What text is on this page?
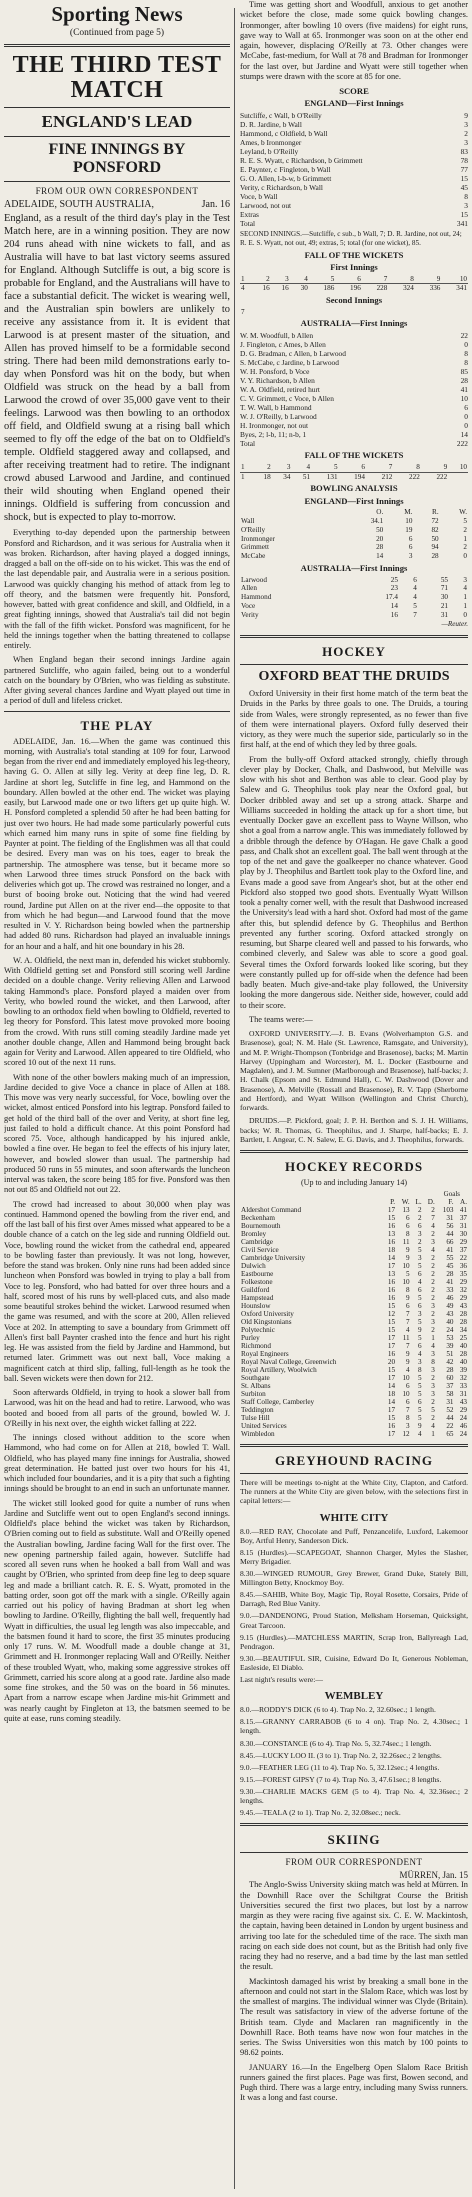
Sporting News
(Continued from page 5)
THE THIRD TEST MATCH
ENGLAND'S LEAD
FINE INNINGS BY PONSFORD
FROM OUR OWN CORRESPONDENT
ADELAIDE, SOUTH AUSTRALIA,	Jan. 16

England, as a result of the third day's play in the Test Match here, are in a winning position. They are now 204 runs ahead with nine wickets to fall, and as Australia will have to bat last victory seems assured for England. Although Sutcliffe is out, a big score is probable for England, and the Australians will have to face a substantial deficit. The wicket is wearing well, and the Australian spin bowlers are unlikely to receive any assistance from it. It is evident that Larwood is at present master of the situation, and Allen has proved himself to be a formidable second string. There had been mild demonstrations early to-day when Ponsford was hit on the body, but when Oldfield was struck on the head by a ball from Larwood the crowd of over 35,000 gave vent to their feelings. Larwood was then bowling to an orthodox off field, and Oldfield swung at a rising ball which seemed to fly off the edge of the bat on to Oldfield's temple. Oldfield staggered away and collapsed, and after receiving treatment had to retire. The indignant crowd abused Larwood and Jardine, and continued their wild shouting when England opened their innings. Oldfield is suffering from concussion and shock, but is expected to play to-morrow.

Everything to-day depended upon the partnership between Ponsford and Richardson, and it was serious for Australia when it was broken. Richardson, after having played a dogged innings, dragged a ball on the off-side on to his wicket. This was the end of the last dependable pair, and Australia were in a serious position. Larwood was quickly changing his method of attack from leg to off theory, and the batsmen were frequently hit. Ponsford, however, batted with great confidence and skill, and Oldfield, in a great fighting innings, showed that Australia's tail did not begin with the fall of the fifth wicket. Ponsford was magnificent, for he held the innings together when the batting threatened to collapse entirely.

When England began their second innings Jardine again partnered Sutcliffe, who again failed, being out to a wonderful catch on the boundary by O'Brien, who was fielding as substitute. After giving several chances Jardine and Wyatt played out time in a period of dull and lifeless cricket.

THE PLAY

ADELAIDE, Jan. 16.—When the game was continued this morning, with Australia's total standing at 109 for four, Larwood began from the river end and immediately employed his leg-theory, having G. O. Allen at silly leg. Verity at deep fine leg, D. R. Jardine at short leg, Sutcliffe in fine leg, and Hammond on the boundary. Allen bowled at the other end. The wicket was playing easily, but Larwood made one or two lifters get up quite high. W. H. Ponsford completed a splendid 50 after he had been batting for just over two hours. He had made some particularly powerful cuts which earned him many runs in spite of some fine fielding by Paynter at point. The fielding of the Englishmen was all that could be desired. Every man was on his toes, eager to break the partnership. The atmosphere was tense, but it became more so when Larwood three times struck Ponsford on the back with deliveries which got up. The crowd was restrained no longer, and a burst of booing broke out. Noticing that the wind had veered round, Jardine put Allen on at the river end—the opposite to that from which he had begun—and Larwood found that the move resulted in V. Y. Richardson being bowled when the partnership had added 80 runs. Richardson had played an invaluable innings for an hour and a half, and hit one boundary in his 28.

W. A. Oldfield, the next man in, defended his wicket stubbornly. With Oldfield getting set and Ponsford still scoring well Jardine decided on a double change. Verity relieving Allen and Larwood taking Hammond's place. Ponsford played a maiden over from Verity, who bowled round the wicket, and then Larwood, after bowling to an orthodox field when bowling to Oldfield, reverted to leg theory for Ponsford. This latest move provoked more booing from the crowd. With runs still coming steadily Jardine made yet another double change, Allen and Hammond being brought back again for Verity and Larwood. Allen appeared to tire Oldfield, who scored 10 out of the next 11 runs.

With none of the other bowlers making much of an impression, Jardine decided to give Voce a chance in place of Allen at 188. This move was very nearly successful, for Voce, bowling over the wicket, almost enticed Ponsford into his legtrap. Ponsford failed to get hold of the third ball of the over and Verity, at short fine leg, just failed to hold a difficult chance. At this point Ponsford had scored 75. Voce, although handicapped by his injured ankle, bowled a fine over. He began to feel the effects of his injury later, however, and bowled slower than usual. The partnership had produced 50 runs in 55 minutes, and soon afterwards the luncheon interval was taken, the score being 185 for five. Ponsford was then not out 85 and Oldfield not out 22.

The crowd had increased to about 30,000 when play was continued. Hammond opened the bowling from the river end, and off the last ball of his first over Ames missed what appeared to be a double chance of a catch on the leg side and running Oldfield out. Voce, bowling round the wicket from the cathedral end, appeared to be bowling faster than previously. It was not long, however, before the stand was broken. Only nine runs had been added since luncheon when Ponsford was bowled in trying to play a ball from Voce to leg. Ponsford, who had batted for over three hours and a half, scored most of his runs by well-placed cuts, and also made some beautiful strokes behind the wicket. Larwood resumed when the game was resumed, and with the score at 200, Allen relieved Voce at 202. In attempting to save a boundary from Grimmett off Allen's first ball Paynter crashed into the fence and hurt his right leg. He was assisted from the field by Jardine and Hammond, but returned later. Grimmett was out next ball, Voce making a magnificent catch at third slip, falling, full-length as he took the ball. Seven wickets were then down for 212.

Soon afterwards Oldfield, in trying to hook a slower ball from Larwood, was hit on the head and had to retire. Larwood, who was booted and booed from all parts of the ground, bowled W. J. O'Reilly in his next over, the eighth wicket falling at 222.

The innings closed without addition to the score when Hammond, who had come on for Allen at 218, bowled T. Wall. Oldfield, who has played many fine innings for Australia, showed great determination. He batted just over two hours for his 41, which included four boundaries, and it is a pity that such a fighting innings should be brought to an end in such an unfortunate manner.

The wicket still looked good for quite a number of runs when Jardine and Sutcliffe went out to open England's second innings. Oldfield's place behind the wicket was taken by Richardson, O'Brien coming out to field as substitute. Wall and O'Reilly opened the Australian bowling, Jardine facing Wall for the first over. The new opening partnership failed again, however. Sutcliffe had scored all seven runs when he hooked a ball from Wall and was caught by O'Brien, who sprinted from deep fine leg to deep square leg and made a brilliant catch. R. E. S. Wyatt, promoted in the batting order, soon got off the mark with a single. O'Reilly again carried out his policy of having Bradman at short leg when bowling to Jardine. O'Reilly, flighting the ball well, frequently had Wyatt in difficulties, the usual leg length was also impeccable, and the batsmen found it hard to score, the first 35 minutes producing only 17 runs. W. M. Woodfull made a double change at 31, Grimmett and H. Ironmonger replacing Wall and O'Reilly. Neither of these troubled Wyatt, who, making some aggressive strokes off Grimmett, carried his score along at a good rate. Jardine also made some fine strokes, and the 50 was on the board in 56 minutes. Apart from a narrow escape when Jardine mis-hit Grimmett and was nearly caught by Fingleton at 13, the batsmen seemed to be quite at ease, runs coming steadily.

Time was getting short and Woodfull, anxious to get another wicket before the close, made some quick bowling changes. Ironmonger, after bowling 10 overs (five maidens) for eight runs, gave way to Wall at 65. Ironmonger was soon on at the other end again, however, displacing O'Reilly at 73. Other changes were McCabe, fast-medium, for Wall at 78 and Bradman for Ironmonger for the last over, but Jardine and Wyatt were still together when stumps were drawn with the score at 85 for one.

SCORE
ENGLAND—First Innings
Sutcliffe, c Wall, b O'Reilly	9
D. R. Jardine, b Wall	3
Hammond, c Oldfield, b Wall	2
Ames, b Ironmonger	3
Leyland, b O'Reilly	83
R. E. S. Wyatt, c Richardson, b Grimmett	78
E. Paynter, c Fingleton, b Wall	77
G. O. Allen, l-b-w, b Grimmett	15
Verity, c Richardson, b Wall	45
Voce, b Wall	8
Larwood, not out	3
Extras	15
Total	341
SECOND INNINGS.—Sutcliffe, c sub., b Wall, 7; D. R. Jardine, not out, 24; R. E. S. Wyatt, not out, 49; extras, 5; total (for one wicket), 85.
FALL OF THE WICKETS
First Innings
1	2	3	4	5	6	7	8	9	10
4	16	16	30	186	196	228	324	336	341
Second Innings
7									
AUSTRALIA—First Innings
W. M. Woodfull, b Allen	22
J. Fingleton, c Ames, b Allen	0
D. G. Bradman, c Allen, b Larwood	8
S. McCabe, c Jardine, b Larwood	8
W. H. Ponsford, b Voce	85
V. Y. Richardson, b Allen	28
W. A. Oldfield, retired hurt	41
C. V. Grimmett, c Voce, b Allen	10
T. W. Wall, b Hammond	6
W. J. O'Reilly, b Larwood	0
H. Ironmonger, not out	0
Byes, 2; l-b, 11; n-b, 1	14
Total	222
FALL OF THE WICKETS
1	2	3	4	5	6	7	8	9	10
1	18	34	51	131	194	212	222	222	
BOWLING ANALYSIS
ENGLAND—First Innings
	O.	M.	R.	W.
Wall	34.1	10	72	5
O'Reilly	50	19	82	2
Ironmonger	20	6	50	1
Grimmett	28	6	94	2
McCabe	14	3	28	0
AUSTRALIA—First Innings
Larwood	25	6	55	3
Allen	23	4	71	4
Hammond	17.4	4	30	1
Voce	14	5	21	1
Verity	16	7	31	0
—Reuter.
HOCKEY
OXFORD BEAT THE DRUIDS

Oxford University in their first home match of the term beat the Druids in the Parks by three goals to one. The Druids, a touring side from Wales, were strongly represented, as no fewer than five of them were international players. Oxford fully deserved their victory, as they were much the superior side, particularly so in the first half, at the end of which they led by three goals.

From the bully-off Oxford attacked strongly, chiefly through clever play by Docker, Chalk, and Dashwood, but Melville was slow with his shot and Berthon was able to clear. Good play by Salew and G. Theophilus took play near the Oxford goal, but Docker dribbled away and set up a strong attack. Sharpe and Williams succeeded in holding the attack up for a short time, but eventually Docker gave an excellent pass to Wayne Willson, who shot a goal from a narrow angle. This was immediately followed by a dribble through the defence by O'Hagan. He gave Chalk a good pass, and Chalk shot an excellent goal. The ball went through at the top of the net and gave the goalkeeper no chance whatever. Good play by J. Theophilus and Bartlett took play to the Oxford line, and Evans made a good save from Angear's shot, but at the other end Pickford also stopped two good shots. Eventually Wyatt Willson took a penalty corner well, with the result that Dashwood increased the University's lead with a hard shot. Oxford had most of the game after this, but splendid defence by G. Theophilus and Berthon prevented any further scoring. Oxford attacked strongly on resuming, but Sharpe cleared well and passed to his forwards, who combined cleverly, and Salew was able to score a good goal. Several times the Oxford forwards looked like scoring, but they were constantly pulled up for off-side when the defence had been badly beaten. Much give-and-take play followed, the University looking the more dangerous side. Neither side, however, could add to their score.

The teams were:—

OXFORD UNIVERSITY.—J. B. Evans (Wolverhampton G.S. and Brasenose), goal; N. M. Hale (St. Lawrence, Ramsgate, and University), and M. P. Wright-Thompson (Tonbridge and Brasenose), backs; M. Martin Harvey (Uppingham and Worcester), M. L. Docker (Eastbourne and Magdalen), and J. M. Sumner (Marlborough and Brasenose), half-backs; J. H. Chalk (Epsom and St. Edmund Hall), C. W. Dashwood (Dover and Brasenose), A. Melville (Rossall and Brasenose), R. V. Tapp (Sherborne and Hertford), and Wyatt Willson (Wellington and Christ Church), forwards.

DRUIDS.—P. Pickford, goal; J. P. H. Berthon and S. J. H. Williams, backs; W. R. Thomas, G. Theophilus, and J. Sharpe, half-backs; E. J. Bartlett, I. Angear, C. N. Salew, E. G. Davis, and J. Theophilus, forwards.

HOCKEY RECORDS
(Up to and including January 14)
Goals
	P.	W.	L.	D.	F.	A.
Aldershot Command	17	13	2	2	103	41
Beckenham	15	6	2	7	31	37
Bournemouth	16	6	6	4	56	31
Bromley	13	8	3	2	44	30
Cambridge	16	11	2	3	66	29
Civil Service	18	9	5	4	41	37
Cambridge University	14	9	3	2	55	22
Dulwich	17	10	5	2	45	36
Eastbourne	13	5	6	2	28	35
Folkestone	16	10	4	2	41	29
Guildford	16	8	6	2	33	32
Hampstead	16	9	5	2	46	29
Hounslow	15	6	6	3	49	43
Oxford University	12	7	3	2	43	28
Old Kingstonians	15	7	5	3	40	28
Polytechnic	15	4	9	2	24	34
Purley	17	11	5	1	53	25
Richmond	17	7	6	4	39	40
Royal Engineers	16	9	4	3	51	28
Royal Naval College, Greenwich	20	9	3	8	42	40
Royal Artillery, Woolwich	15	4	8	3	28	39
Southgate	17	10	5	2	60	32
St. Albans	14	6	5	3	37	33
Surbiton	18	10	5	3	58	31
Staff College, Camberley	14	6	6	2	31	43
Teddington	17	7	5	5	52	29
Tulse Hill	15	8	5	2	44	24
United Services	16	3	9	4	22	46
Wimbledon	17	12	4	1	65	24
GREYHOUND RACING
There will be meetings to-night at the White City, Clapton, and Catford. The runners at the White City are given below, with the selections first in capital letters:—
WHITE CITY
8.0.—RED RAY, Chocolate and Puff, Penzancelife, Luxford, Lakemoor Boy, Artful Henry, Sanderson Dick.
8.15 (Hurdles).—SCAPEGOAT, Shannon Charger, Myles the Slasher, Merry Brigadier.
8.30.—WINGED RUMOUR, Grey Brewer, Grand Duke, Stately Bill, Millington Betty, Knockmoy Boy.
8.45.—SAHIB, White Boy, Magic Tip, Royal Rosette, Corsairs, Pride of Darragh, Red Blue Vanity.
9.0.—DANDENONG, Proud Station, Melksham Horseman, Quicksight, Great Tarcoon.
9.15 (Hurdles).—MATCHLESS MARTIN, Scrap Iron, Ballyreagh Lad, Pendragon.
9.30.—BEAUTIFUL SIR, Cuisine, Edward Do It, Generous Nobleman, Easleside, El Diablo.
Last night's results were:—
WEMBLEY
8.0.—RODDY'S DICK (6 to 4). Trap No. 2, 32.60sec.; 1 length.
8.15.—GRANNY CARRABOB (6 to 4 on). Trap No. 2, 4.30sec.; 1 length.
8.30.—CONSTANCE (6 to 4). Trap No. 5, 32.74sec.; 1 length.
8.45.—LUCKY LOO II. (3 to 1). Trap No. 2, 32.26sec.; 2 lengths.
9.0.—FEATHER LEG (11 to 4). Trap No. 5, 32.12sec.; 4 lengths.
9.15.—FOREST GIPSY (7 to 4). Trap No. 3, 47.61sec.; 8 lengths.
9.30.—CHARLIE MACKS GEM (5 to 4). Trap No. 4, 32.36sec.; 2 lengths.
9.45.—TEALA (2 to 1). Trap No. 2, 32.08sec.; neck.
SKIING
FROM OUR CORRESPONDENT
MÜRREN, Jan. 15

The Anglo-Swiss University skiing match was held at Mürren. In the Downhill Race over the Schiltgrat Course the British Universities secured the first two places, but lost by a narrow margin as they were racing five against six. C. E. W. Mackintosh, the captain, having been detained in London by urgent business and arriving too late for the scheduled time of the race. The sixth man racing on each side does not count, but as the British had only five racing they had no reserve, and a bad time by the last man settled the result.

Mackintosh damaged his wrist by breaking a small bone in the afternoon and could not start in the Slalom Race, which was lost by the smallest of margins. The individual winner was Clyde (Britain). The result was satisfactory in view of the adverse fortune of the British team. Clyde and Maclaren ran magnificently in the Downhill Race. Both teams have now won four matches in the series. The Swiss Universities won this match by 100 points to 98.62 points.

JANUARY 16.—In the Engelberg Open Slalom Race British runners gained the first places. Page was first, Bowen second, and Pugh third. There was a large entry, including many Swiss runners. It was a long and fast course.
